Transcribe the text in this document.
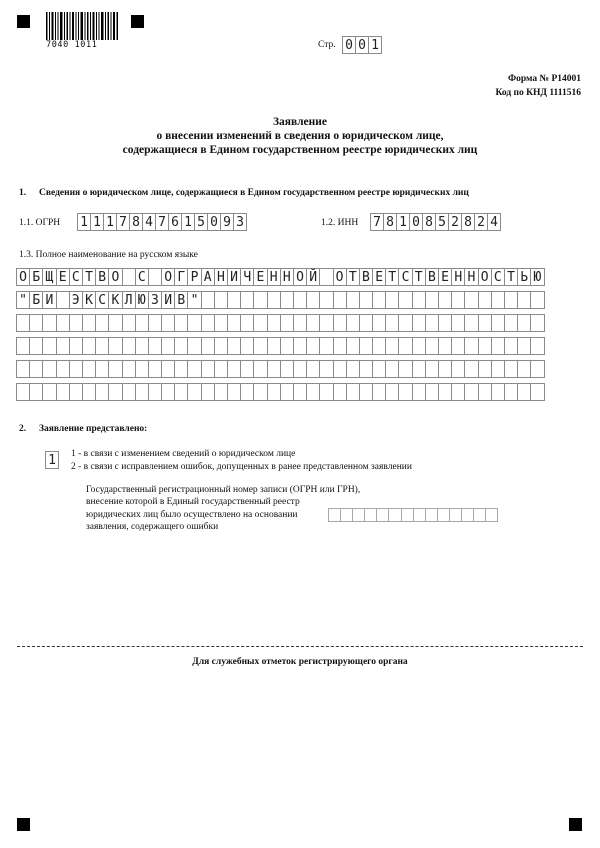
7040 1011	Стр. 0 0 1
Форма № Р14001
Код по КНД 1111516
Заявление
о внесении изменений в сведения о юридическом лице,
содержащиеся в Едином государственном реестре юридических лиц
1. Сведения о юридическом лице, содержащиеся в Едином государственном реестре юридических лиц
1.1. ОГРН 1 1 1 7 8 4 7 6 1 5 0 9 3	1.2. ИНН 7 8 1 0 8 5 2 8 2 4
1.3. Полное наименование на русском языке
О Б Щ Е С Т В О С О Г Р А Н И Ч Е Н Н О Й О Т В Е Т С Т В Е Н Н О С Т Ь Ю
" Б И Э К С К Л Ю З И В "
2. Заявление представлено:
1	1 - в связи с изменением сведений о юридическом лице
2 - в связи с исправлением ошибок, допущенных в ранее представленном заявлении
Государственный регистрационный номер записи (ОГРН или ГРН),
внесение которой в Единый государственный реестр
юридических лиц было осуществлено на основании
заявления, содержащего ошибки
Для служебных отметок регистрирующего органа
